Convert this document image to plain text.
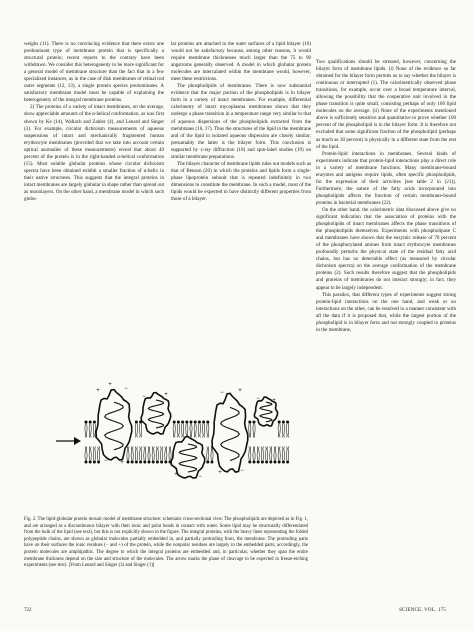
weighs (11). There is no convincing evidence that there exists one predominant type of membrane protein that is specifically a structural protein; recent reports to the contrary have been withdrawn. We consider this heterogeneity to be more significant for a general model of membrane structure than the fact that in a few specialized instances, as in the case of disk membranes of retinal rod outer segments (12, 13), a single protein species predominates. A satisfactory membrane model must be capable of explaining the heterogeneity of the integral membrane proteins.

2) The proteins of a variety of intact membranes, on the average, show appreciable amounts of the α-helical conformation, as was first shown by Ke (14), Wallach and Zahler (4), and Lenard and Singer (3). For example, circular dichroism measurements of aqueous suspensions of intact and mechanically fragmented human erythrocyte membranes (provided that we take into account certain optical anomalies of these measurements) reveal that about 40 percent of the protein is in the right-handed α-helical conformation (15). Most soluble globular proteins whose circular dichroism spectra have been obtained exhibit a smaller fraction of α-helix in their native structures. This suggests that the integral proteins in intact membranes are largely globular in shape rather than spread out as monolayers. On the other hand, a membrane model in which such globu-

lar proteins are attached to the outer surfaces of a lipid bilayer (16) would not be satisfactory because, among other reasons, it would require membrane thicknesses much larger than the 75 to 90 angstroms generally observed. A model in which globular protein molecules are intercalated within the membrane would, however, meet these restrictions.

The phospholipids of membranes. There is now substantial evidence that the major portion of the phospholipids is in bilayer form in a variety of intact membranes. For example, differential calorimetry of intact mycoplasma membranes shows that they undergo a phase transition in a temperature range very similar to that of aqueous dispersions of the phospholipids extracted from the membranes (16, 17). Thus the structures of the lipid in the membrane and of the lipid in isolated aqueous dispersion are closely similar; presumably the latter is the bilayer form. This conclusion is supported by x-ray diffraction (18) and spin-label studies (19) on similar membrane preparations.

The bilayer character of membrane lipids rules out models such as that of Benson (20) in which the proteins and lipids form a single-phase lipoprotein subunit that is repeated indefinitely in two dimensions to constitute the membrane. In such a model, most of the lipids would be expected to have distinctly different properties from those of a bilayer.

Two qualifications should be stressed, however, concerning the bilayer form of membrane lipids. (i) None of the evidence so far obtained for the bilayer form permits us to say whether the bilayer is continuous or interrupted (1). The calorimetrically observed phase transitions, for example, occur over a broad temperature interval, allowing the possibility that the cooperative unit involved in the phase transition is quite small, consisting perhaps of only 100 lipid molecules on the average. (ii) None of the experiments mentioned above is sufficiently sensitive and quantitative to prove whether 100 percent of the phospholipid is in the bilayer form. It is therefore not excluded that some significant fraction of the phospholipid (perhaps as much as 30 percent) is physically in a different state from the rest of the lipid.

Protein-lipid interactions in membranes. Several kinds of experiments indicate that protein-lipid interactions play a direct role in a variety of membrane functions. Many membrane-bound enzymes and antigens require lipids, often specific phospholipids, for the expression of their activities [see table 2 in (21)]. Furthermore, the nature of the fatty acids incorporated into phospholipids affects the function of certain membrane-bound proteins in bacterial membranes (22).

On the other hand, the calorimetric data discussed above give no significant indication that the association of proteins with the phospholipids of intact membranes affects the phase transitions of the phospholipids themselves. Experiments with phospholipase C and membranes have shown that the enzymic release of 70 percent of the phosphorylated amines from intact erythrocyte membranes profoundly perturbs the physical state of the residual fatty acid chains, but has no detectable effect (as measured by circular dichroism spectra) on the average conformation of the membrane proteins (2). Such results therefore suggest that the phospholipids and proteins of membranes do not interact strongly; in fact, they appear to be largely independent.

This paradox, that different types of experiments suggest strong protein-lipid interactions on the one hand, and weak or no interactions on the other, can be resolved in a manner consistent with all the data if it is proposed that, while the largest portion of the phospholipid is in bilayer form and not strongly coupled to proteins in the membrane,

+	−
+
−	+	− +
− +
+	−
− +
+	−
Fig. 2. The lipid-globular protein mosaic model of membrane structure: schematic cross-sectional view. The phospholipids are depicted as in Fig. 1, and are arranged as a discontinuous bilayer with their ionic and polar heads in contact with water. Some lipid may be structurally differentiated from the bulk of the lipid (see text), but this is not explicitly shown in the figure. The integral proteins, with the heavy lines representing the folded polypeptide chains, are shown as globular molecules partially embedded in, and partially protruding from, the membrane. The protruding parts have on their surfaces the ionic residues (− and +) of the protein, while the nonpolar residues are largely in the embedded parts; accordingly, the protein molecules are amphipathic. The degree to which the integral proteins are embedded and, in particular, whether they span the entire membrane thickness depend on the size and structure of the molecules. The arrow marks the plane of cleavage to be expected in freeze-etching experiments (see text). [From Lenard and Singer (3) and Singer (1)]
722	SCIENCE, VOL. 175
